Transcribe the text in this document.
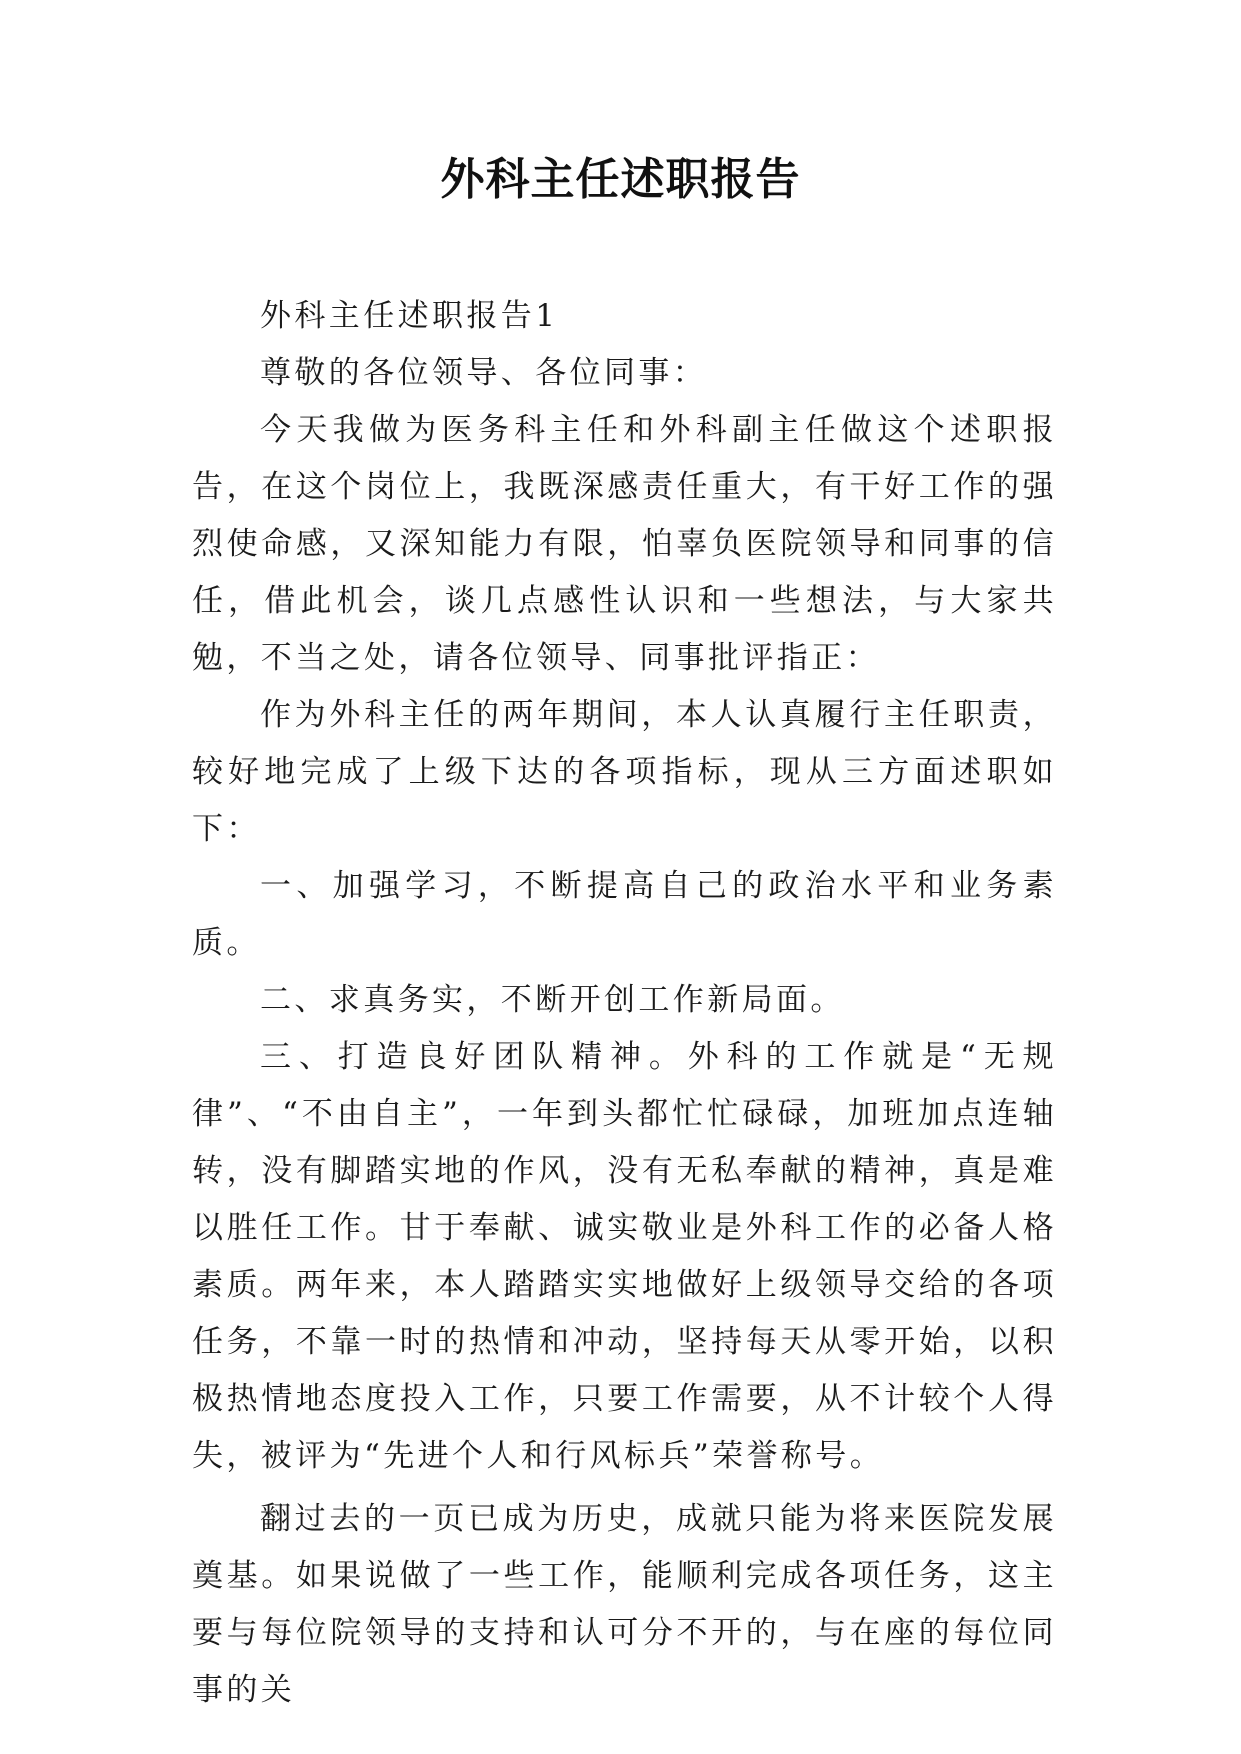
外科主任述职报告

外科主任述职报告1

尊敬的各位领导、各位同事：

今天我做为医务科主任和外科副主任做这个述职报告，在这个岗位上，我既深感责任重大，有干好工作的强烈使命感，又深知能力有限，怕辜负医院领导和同事的信任，借此机会，谈几点感性认识和一些想法，与大家共勉，不当之处，请各位领导、同事批评指正：

作为外科主任的两年期间，本人认真履行主任职责，较好地完成了上级下达的各项指标，现从三方面述职如下：

一、加强学习，不断提高自己的政治水平和业务素质。

二、求真务实，不断开创工作新局面。

三、打造良好团队精神。外科的工作就是“无规律”、“不由自主”，一年到头都忙忙碌碌，加班加点连轴转，没有脚踏实地的作风，没有无私奉献的精神，真是难以胜任工作。甘于奉献、诚实敬业是外科工作的必备人格素质。两年来，本人踏踏实实地做好上级领导交给的各项任务，不靠一时的热情和冲动，坚持每天从零开始，以积极热情地态度投入工作，只要工作需要，从不计较个人得失，被评为“先进个人和行风标兵”荣誉称号。

翻过去的一页已成为历史，成就只能为将来医院发展奠基。如果说做了一些工作，能顺利完成各项任务，这主要与每位院领导的支持和认可分不开的，与在座的每位同事的关
